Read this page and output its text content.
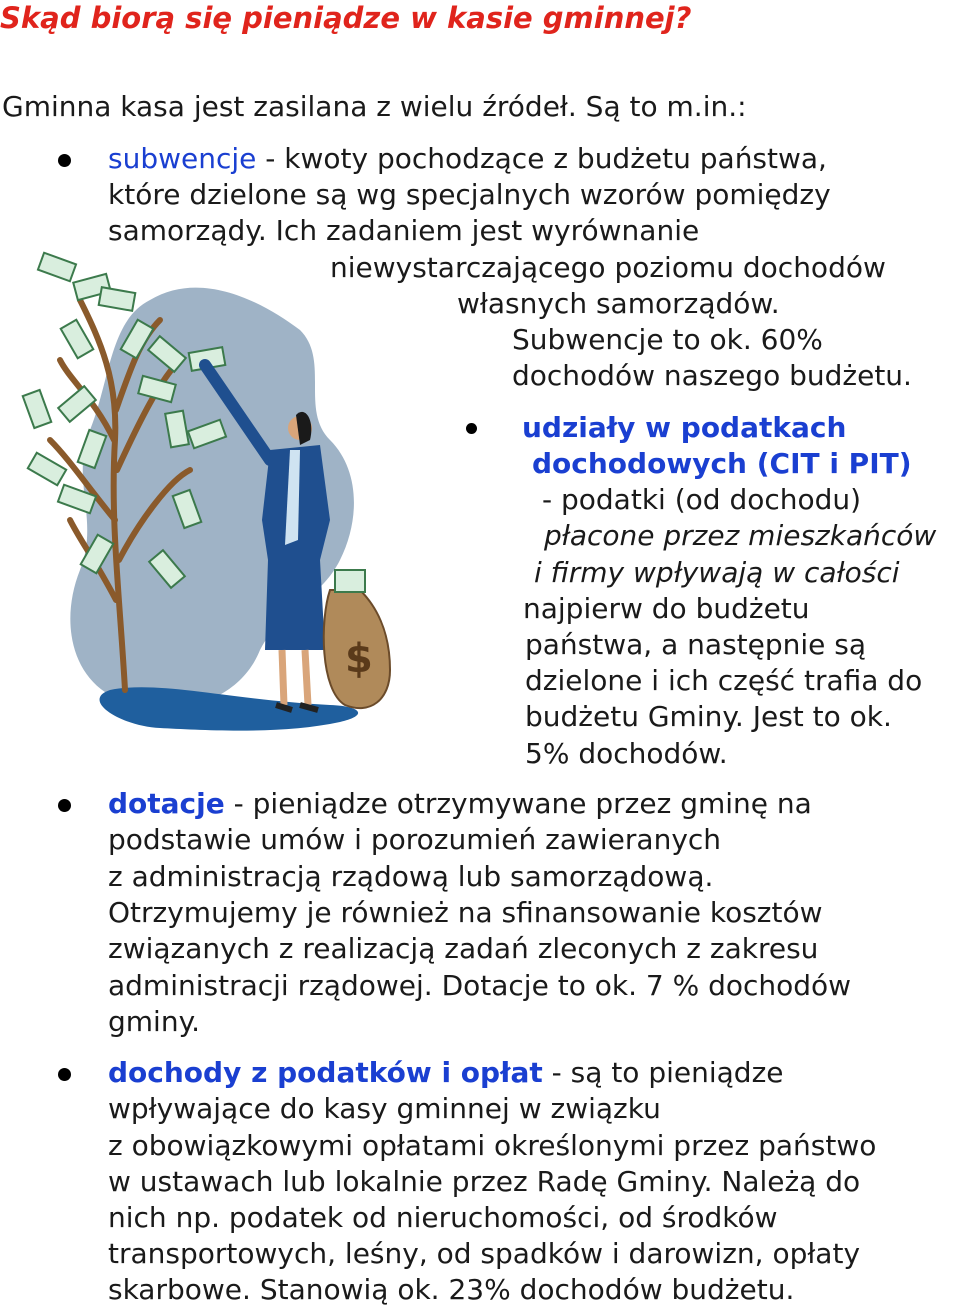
Skąd biorą się pieniądze w kasie gminnej?
Gminna kasa jest zasilana z wielu źródeł. Są to m.in.:
$
subwencje - kwoty pochodzące z budżetu państwa,
które dzielone są wg specjalnych wzorów pomiędzy
samorządy. Ich zadaniem jest wyrównanie
niewystarczającego poziomu dochodów
własnych samorządów.
Subwencje to ok. 60%
dochodów naszego budżetu.
udziały w podatkach
dochodowych (CIT i PIT)
- podatki (od dochodu)
płacone przez mieszkańców
i firmy wpływają w całości
najpierw do budżetu
państwa, a następnie są
dzielone i ich część trafia do
budżetu Gminy. Jest to ok.
5% dochodów.
dotacje - pieniądze otrzymywane przez gminę na
podstawie umów i porozumień zawieranych
z administracją rządową lub samorządową.
Otrzymujemy je również na sfinansowanie kosztów
związanych z realizacją zadań zleconych z zakresu
administracji rządowej. Dotacje to ok. 7 % dochodów
gminy.
dochody z podatków i opłat - są to pieniądze
wpływające do kasy gminnej w związku
z obowiązkowymi opłatami określonymi przez państwo
w ustawach lub lokalnie przez Radę Gminy. Należą do
nich np. podatek od nieruchomości, od środków
transportowych, leśny, od spadków i darowizn, opłaty
skarbowe. Stanowią ok. 23% dochodów budżetu.
